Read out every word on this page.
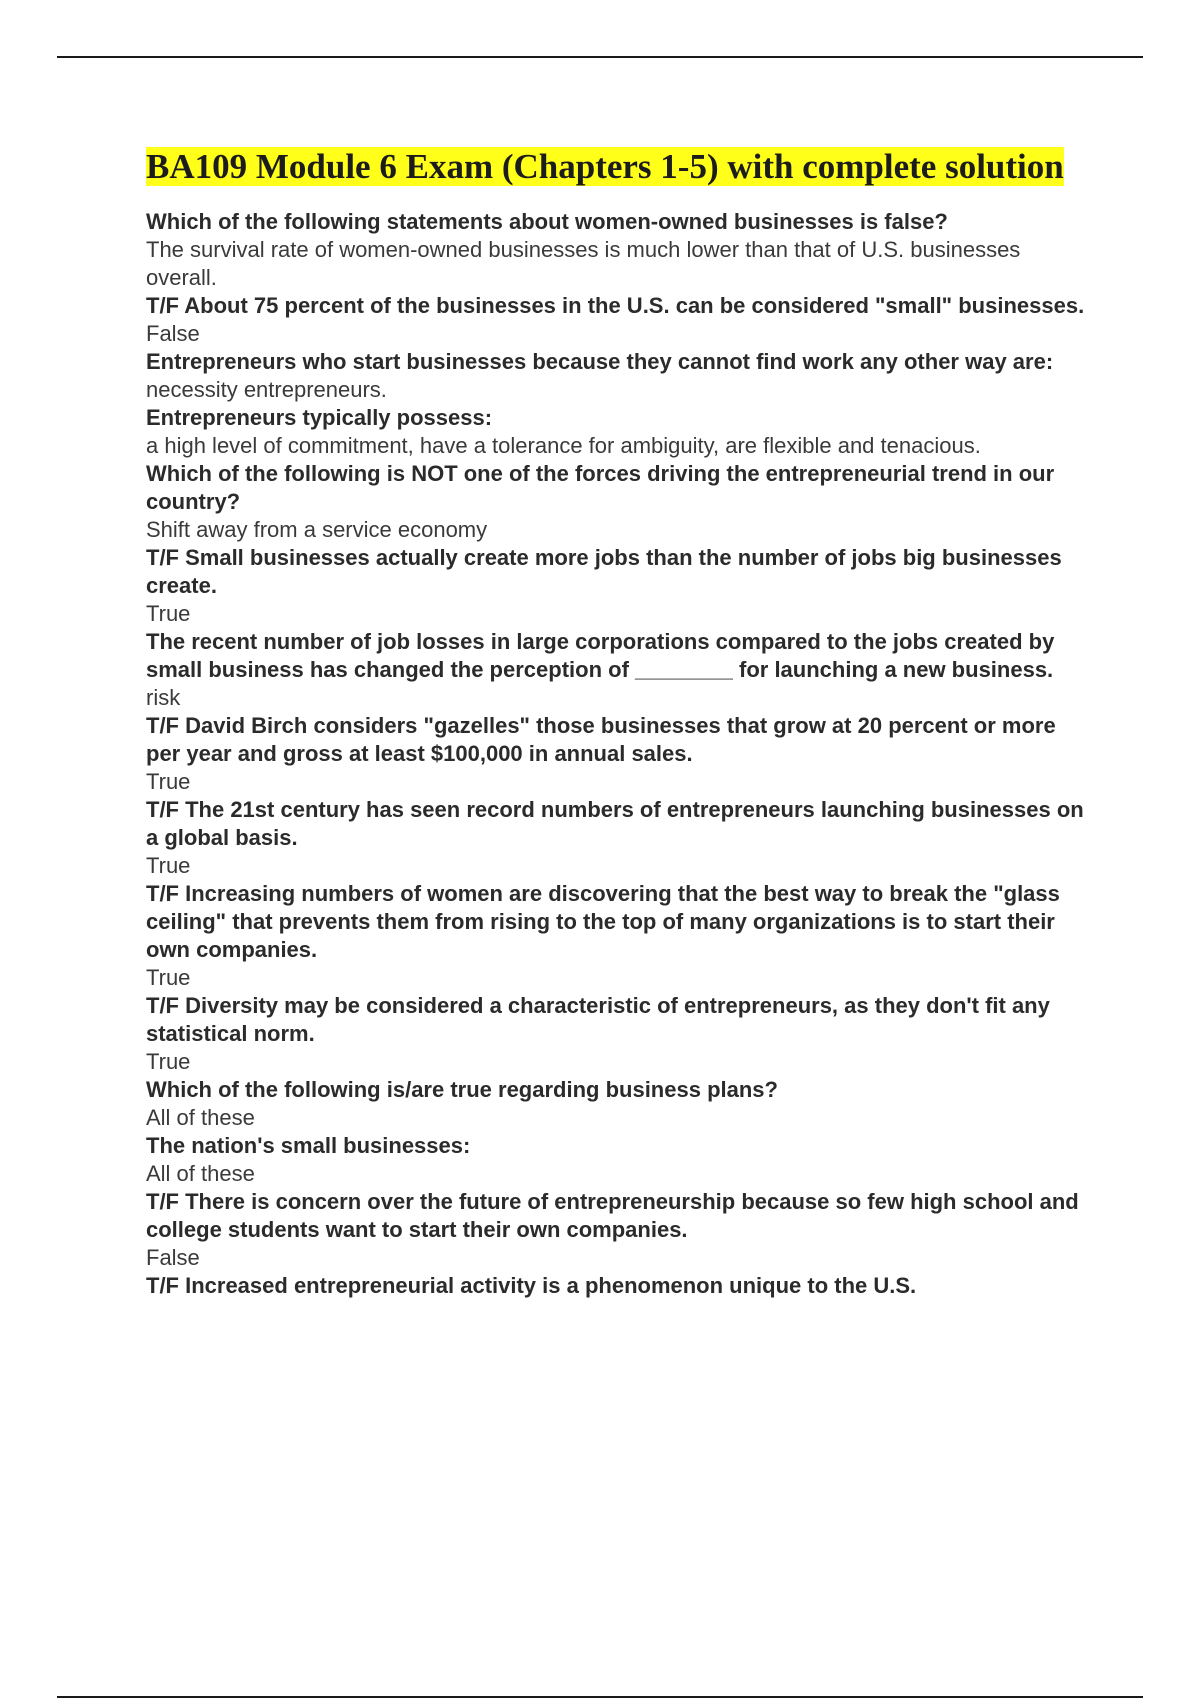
BA109 Module 6 Exam (Chapters 1-5) with complete solution
Which of the following statements about women-owned businesses is false?
The survival rate of women-owned businesses is much lower than that of U.S. businesses overall.
T/F About 75 percent of the businesses in the U.S. can be considered "small" businesses.
False
Entrepreneurs who start businesses because they cannot find work any other way are:
necessity entrepreneurs.
Entrepreneurs typically possess:
a high level of commitment, have a tolerance for ambiguity, are flexible and tenacious.
Which of the following is NOT one of the forces driving the entrepreneurial trend in our country?
Shift away from a service economy
T/F Small businesses actually create more jobs than the number of jobs big businesses create.
True
The recent number of job losses in large corporations compared to the jobs created by small business has changed the perception of ________ for launching a new business.
risk
T/F David Birch considers "gazelles" those businesses that grow at 20 percent or more per year and gross at least $100,000 in annual sales.
True
T/F The 21st century has seen record numbers of entrepreneurs launching businesses on a global basis.
True
T/F Increasing numbers of women are discovering that the best way to break the "glass ceiling" that prevents them from rising to the top of many organizations is to start their own companies.
True
T/F Diversity may be considered a characteristic of entrepreneurs, as they don't fit any statistical norm.
True
Which of the following is/are true regarding business plans?
All of these
The nation's small businesses:
All of these
T/F There is concern over the future of entrepreneurship because so few high school and college students want to start their own companies.
False
T/F Increased entrepreneurial activity is a phenomenon unique to the U.S.
